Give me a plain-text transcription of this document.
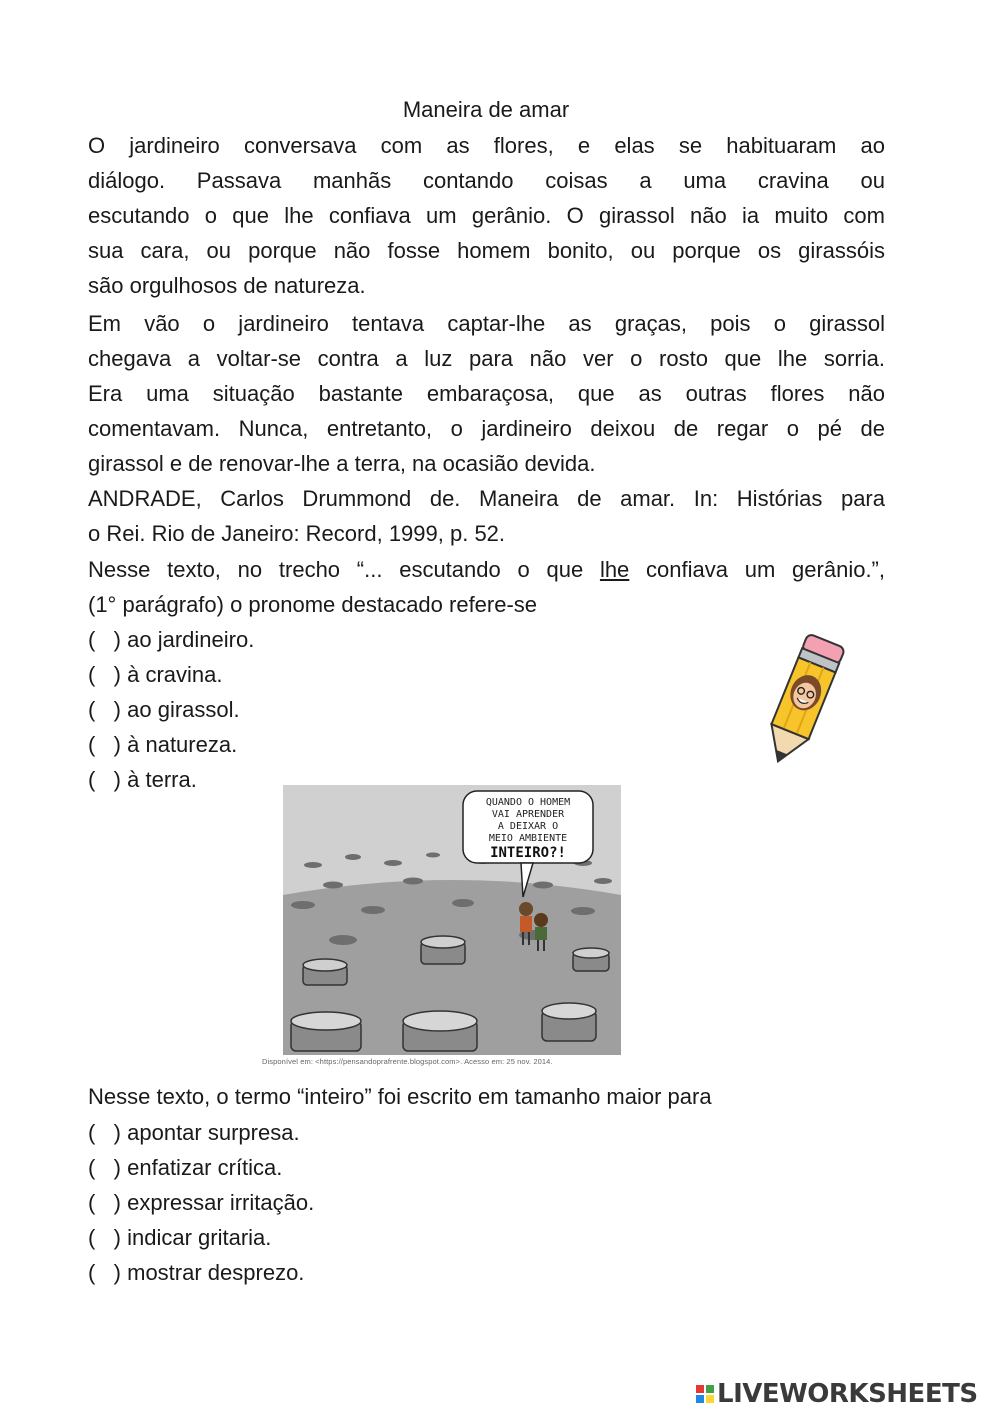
Maneira de amar

O jardineiro conversava com as flores, e elas se habituaram ao

diálogo. Passava manhãs contando coisas a uma cravina ou

escutando o que lhe confiava um gerânio. O girassol não ia muito com

sua cara, ou porque não fosse homem bonito, ou porque os girassóis

são orgulhosos de natureza.

Em vão o jardineiro tentava captar-lhe as graças, pois o girassol

chegava a voltar-se contra a luz para não ver o rosto que lhe sorria.

Era uma situação bastante embaraçosa, que as outras flores não

comentavam. Nunca, entretanto, o jardineiro deixou de regar o pé de

girassol e de renovar-lhe a terra, na ocasião devida.

ANDRADE, Carlos Drummond de. Maneira de amar. In: Histórias para

o Rei. Rio de Janeiro: Record, 1999, p. 52.

Nesse texto, no trecho “... escutando o que lhe confiava um gerânio.”,

(1° parágrafo) o pronome destacado refere-se

(   ) ao jardineiro.

(   ) à cravina.

(   ) ao girassol.

(   ) à natureza.

(   ) à terra.

QUANDO O HOMEM
VAI APRENDER
A DEIXAR O
MEIO AMBIENTE
INTEIRO?!
Disponível em: <https://pensandoprafrente.blogspot.com>. Acesso em: 25 nov. 2014.

Nesse texto, o termo “inteiro” foi escrito em tamanho maior para

(   ) apontar surpresa.

(   ) enfatizar crítica.

(   ) expressar irritação.

(   ) indicar gritaria.

(   ) mostrar desprezo.

LIVEWORKSHEETS
